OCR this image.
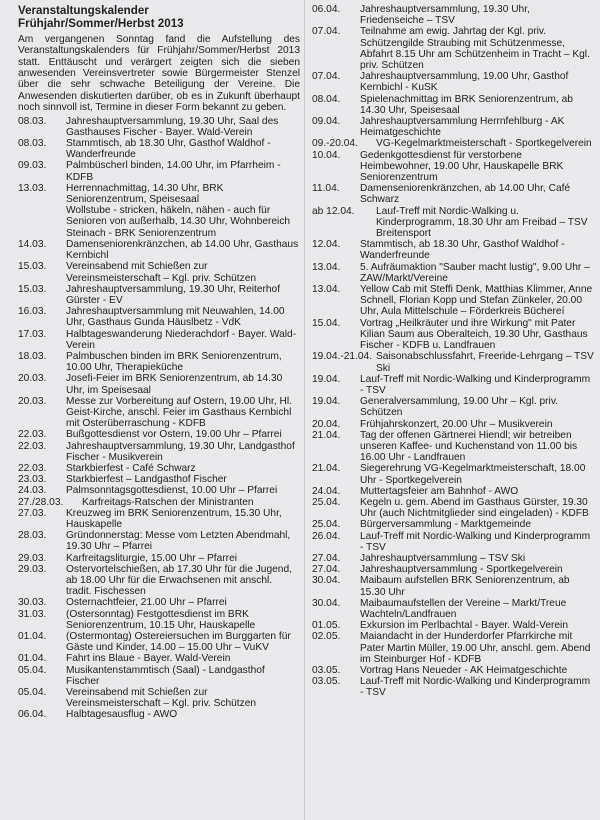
Veranstaltungskalender
Frühjahr/Sommer/Herbst 2013
Am vergangenen Sonntag fand die Aufstellung des Veranstaltungskalenders für Frühjahr/Sommer/Herbst 2013 statt. Enttäuscht und verärgert zeigten sich die sieben anwesenden Vereinsvertreter sowie Bürgermeister Stenzel über die sehr schwache Beteiligung der Vereine. Die Anwesenden diskutierten darüber, ob es in Zukunft überhaupt noch sinnvoll ist, Termine in dieser Form bekannt zu geben.
08.03.	Jahreshauptversammlung, 19.30 Uhr, Saal des Gasthauses Fischer - Bayer. Wald-Verein
08.03.	Stammtisch, ab 18.30 Uhr, Gasthof Waldhof - Wanderfreunde
09.03.	Palmbüscherl binden, 14.00 Uhr, im Pfarrheim - KDFB
13.03.	Herrennachmittag, 14.30 Uhr, BRK Seniorenzentrum, Speisesaal
Wollstube - stricken, häkeln, nähen - auch für Senioren von außerhalb, 14.30 Uhr, Wohnbereich Steinach - BRK Seniorenzentrum
14.03.	Damenseniorenkränzchen, ab 14.00 Uhr, Gasthaus Kernbichl
15.03.	Vereinsabend mit Schießen zur Vereinsmeisterschaft – Kgl. priv. Schützen
15.03.	Jahreshauptversammlung, 19.30 Uhr, Reiterhof Gürster - EV
16.03.	Jahreshauptversammlung mit Neuwahlen, 14.00 Uhr, Gasthaus Gunda Häuslbetz - VdK
17.03.	Halbtageswanderung Niederachdorf - Bayer. Wald-Verein
18.03.	Palmbuschen binden im BRK Seniorenzentrum, 10.00 Uhr, Therapieküche
20.03.	Josefi-Feier im BRK Seniorenzentrum, ab 14.30 Uhr, im Speisesaal
20.03.	Messe zur Vorbereitung auf Ostern, 19.00 Uhr, Hl. Geist-Kirche, anschl. Feier im Gasthaus Kernbichl mit Osterüberraschung - KDFB
22.03.	Bußgottesdienst vor Ostern, 19.00 Uhr – Pfarrei
22.03.	Jahreshauptversammlung, 19.30 Uhr, Landgasthof Fischer - Musikverein
22.03.	Starkbierfest - Café Schwarz
23.03.	Starkbierfest – Landgasthof Fischer
24.03.	Palmsonntagsgottesdienst, 10.00 Uhr – Pfarrei
27./28.03.	Karfreitags-Ratschen der Ministranten
27.03.	Kreuzweg im BRK Seniorenzentrum, 15.30 Uhr, Hauskapelle
28.03.	Gründonnerstag: Messe vom Letzten Abendmahl, 19.30 Uhr – Pfarrei
29.03.	Karfreitagsliturgie, 15.00 Uhr – Pfarrei
29.03.	Ostervortelschießen, ab 17.30 Uhr für die Jugend, ab 18.00 Uhr für die Erwachsenen mit anschl. tradit. Fischessen
30.03.	Osternachtfeier, 21.00 Uhr – Pfarrei
31.03.	(Ostersonntag) Festgottesdienst im BRK Seniorenzentrum, 10.15 Uhr, Hauskapelle
01.04.	(Ostermontag) Ostereiersuchen im Burggarten für Gäste und Kinder, 14.00 – 15.00 Uhr – VuKV
01.04.	Fahrt ins Blaue - Bayer. Wald-Verein
05.04.	Musikantenstammtisch (Saal) - Landgasthof Fischer
05.04.	Vereinsabend mit Schießen zur Vereinsmeisterschaft – Kgl. priv. Schützen
06.04.	Halbtagesausflug - AWO
06.04.	Jahreshauptversammlung, 19.30 Uhr, Friedenseiche – TSV
07.04.	Teilnahme am ewig. Jahrtag der Kgl. priv. Schützengilde Straubing mit Schützenmesse, Abfahrt 8.15 Uhr am Schützenheim in Tracht – Kgl. priv. Schützen
07.04.	Jahreshauptversammlung, 19.00 Uhr, Gasthof Kernbichl - KuSK
08.04.	Spielenachmittag im BRK Seniorenzentrum, ab 14.30 Uhr, Speisesaal
09.04.	Jahreshauptversammlung Herrnfehlburg - AK Heimatgeschichte
09.-20.04.	VG-Kegelmarktmeisterschaft - Sportkegelverein
10.04.	Gedenkgottesdienst für verstorbene Heimbewohner, 19.00 Uhr, Hauskapelle BRK Seniorenzentrum
11.04.	Damenseniorenkränzchen, ab 14.00 Uhr, Café Schwarz
ab 12.04.	Lauf-Treff mit Nordic-Walking u. Kinderprogramm, 18.30 Uhr am Freibad – TSV Breitensport
12.04.	Stammtisch, ab 18.30 Uhr, Gasthof Waldhof - Wanderfreunde
13.04.	5. Aufräumaktion "Sauber macht lustig", 9.00 Uhr – ZAW/Markt/Vereine
13.04.	Yellow Cab mit Steffi Denk, Matthias Klimmer, Anne Schnell, Florian Kopp und Stefan Zünkeler, 20.00 Uhr, Aula Mittelschule – Förderkreis Büchereí
15.04.	Vortrag „Heilkräuter und ihre Wirkung" mit Pater Kilian Saum aus Oberalteich, 19.30 Uhr, Gasthaus Fischer - KDFB u. Landfrauen
19.04.-21.04. Saisonabschlussfahrt, Freeride-Lehrgang – TSV Ski
19.04.	Lauf-Treff mit Nordic-Walking und Kinderprogramm - TSV
19.04.	Generalversammlung, 19.00 Uhr – Kgl. priv. Schützen
20.04.	Frühjahrskonzert, 20.00 Uhr – Musikverein
21.04.	Tag der offenen Gärtnerei Hiendl; wir betreiben unseren Kaffee- und Kuchenstand von 11.00 bis 16.00 Uhr - Landfrauen
21.04.	Siegerehrung VG-Kegelmarktmeisterschaft, 18.00 Uhr - Sportkegelverein
24.04.	Muttertagsfeier am Bahnhof - AWO
25.04.	Kegeln u. gem. Abend im Gasthaus Gürster, 19.30 Uhr (auch Nichtmitglieder sind eingeladen) - KDFB
25.04.	Bürgerversammlung - Marktgemeinde
26.04.	Lauf-Treff mit Nordic-Walking und Kinderprogramm - TSV
27.04.	Jahreshauptversammlung – TSV Ski
27.04.	Jahreshauptversammlung - Sportkegelverein
30.04.	Maibaum aufstellen BRK Seniorenzentrum, ab 15.30 Uhr
30.04.	Maibaumaufstellen der Vereine – Markt/Treue Wachteln/Landfrauen
01.05.	Exkursion im Perlbachtal - Bayer. Wald-Verein
02.05.	Maiandacht in der Hunderdorfer Pfarrkirche mit Pater Martin Müller, 19.00 Uhr, anschl. gem. Abend im Steinburger Hof - KDFB
03.05.	Vortrag Hans Neueder - AK Heimatgeschichte
03.05.	Lauf-Treff mit Nordic-Walking und Kinderprogramm - TSV
